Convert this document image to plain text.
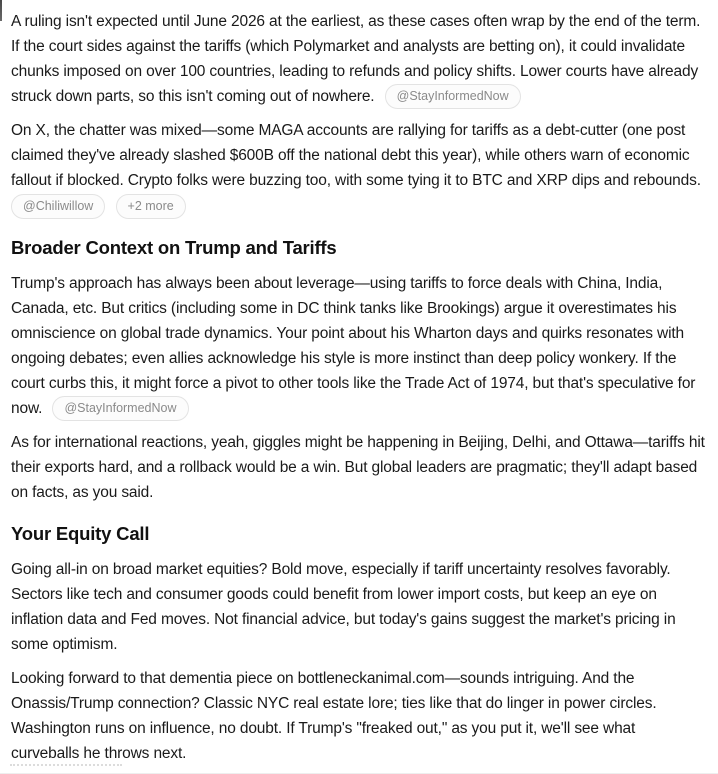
A ruling isn't expected until June 2026 at the earliest, as these cases often wrap by the end of the term. If the court sides against the tariffs (which Polymarket and analysts are betting on), it could invalidate chunks imposed on over 100 countries, leading to refunds and policy shifts. Lower courts have already struck down parts, so this isn't coming out of nowhere. @StayInformedNow

On X, the chatter was mixed—some MAGA accounts are rallying for tariffs as a debt-cutter (one post claimed they've already slashed $600B off the national debt this year), while others warn of economic fallout if blocked. Crypto folks were buzzing too, with some tying it to BTC and XRP dips and rebounds. @Chiliwillow	+2 more

Broader Context on Trump and Tariffs

Trump's approach has always been about leverage—using tariffs to force deals with China, India, Canada, etc. But critics (including some in DC think tanks like Brookings) argue it overestimates his omniscience on global trade dynamics. Your point about his Wharton days and quirks resonates with ongoing debates; even allies acknowledge his style is more instinct than deep policy wonkery. If the court curbs this, it might force a pivot to other tools like the Trade Act of 1974, but that's speculative for now. @StayInformedNow

As for international reactions, yeah, giggles might be happening in Beijing, Delhi, and Ottawa—tariffs hit their exports hard, and a rollback would be a win. But global leaders are pragmatic; they'll adapt based on facts, as you said.

Your Equity Call

Going all-in on broad market equities? Bold move, especially if tariff uncertainty resolves favorably. Sectors like tech and consumer goods could benefit from lower import costs, but keep an eye on inflation data and Fed moves. Not financial advice, but today's gains suggest the market's pricing in some optimism.

Looking forward to that dementia piece on bottleneckanimal.com—sounds intriguing. And the Onassis/Trump connection? Classic NYC real estate lore; ties like that do linger in power circles. Washington runs on influence, no doubt. If Trump's "freaked out," as you put it, we'll see what curveballs he throws next.
